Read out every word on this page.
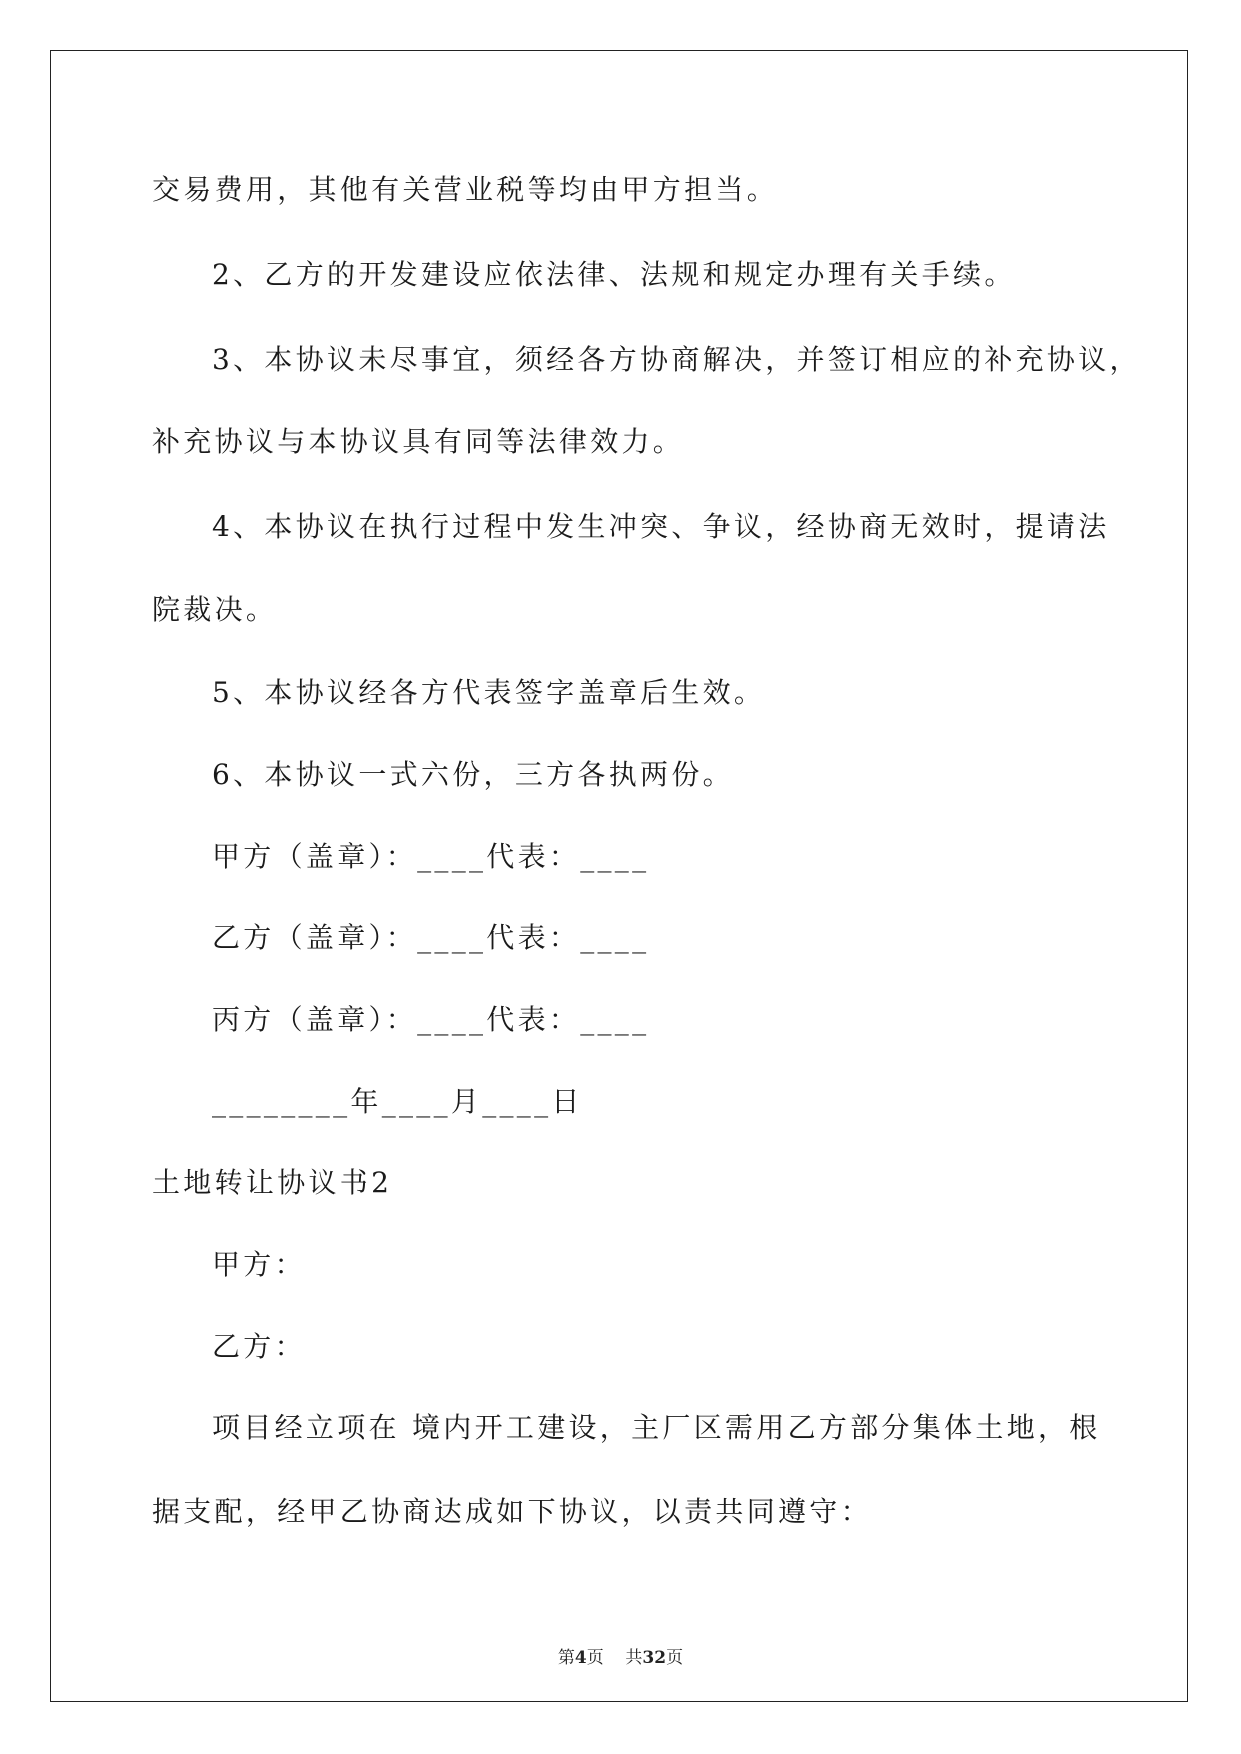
交易费用，其他有关营业税等均由甲方担当。
2、乙方的开发建设应依法律、法规和规定办理有关手续。
3、本协议未尽事宜，须经各方协商解决，并签订相应的补充协议，
补充协议与本协议具有同等法律效力。
4、本协议在执行过程中发生冲突、争议，经协商无效时，提请法
院裁决。
5、本协议经各方代表签字盖章后生效。
6、本协议一式六份，三方各执两份。
甲方（盖章）：____代表：____
乙方（盖章）：____代表：____
丙方（盖章）：____代表：____
________年____月____日
土地转让协议书2
甲方：
乙方：
项目经立项在 境内开工建设，主厂区需用乙方部分集体土地，根
据支配，经甲乙协商达成如下协议，以责共同遵守：
第4页 共32页
